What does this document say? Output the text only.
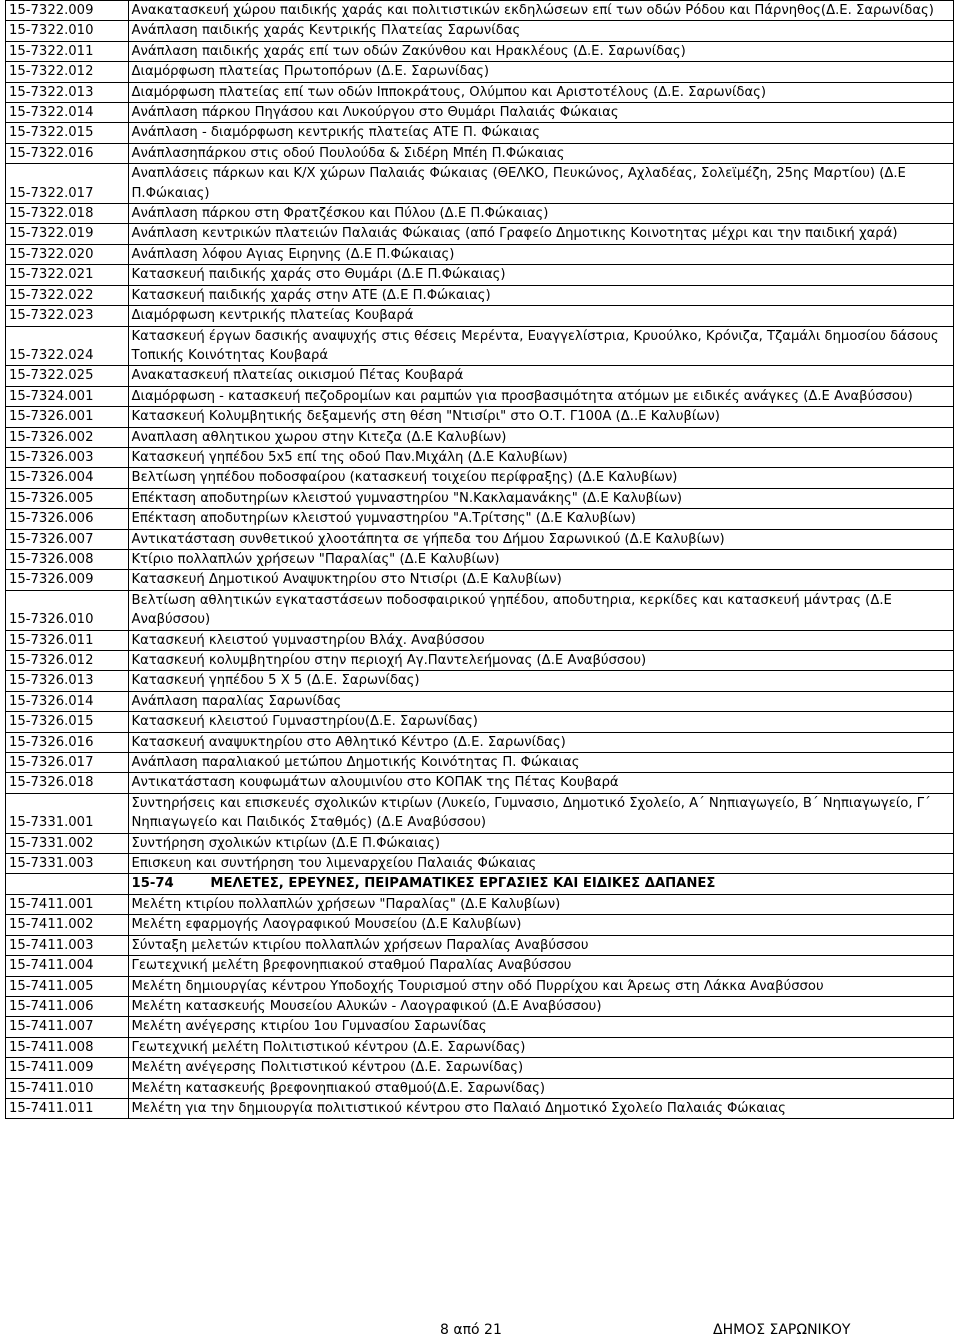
15-7322.009	Ανακατασκευή χώρου παιδικής χαράς και πολιτιστικών εκδηλώσεων επί των οδών Ρόδου και Πάρνηθος(Δ.Ε. Σαρωνίδας)
15-7322.010	Ανάπλαση παιδικής χαράς Κεντρικής Πλατείας Σαρωνίδας
15-7322.011	Ανάπλαση παιδικής χαράς επί των οδών Ζακύνθου και Ηρακλέους (Δ.Ε. Σαρωνίδας)
15-7322.012	Διαμόρφωση πλατείας Πρωτοπόρων (Δ.Ε. Σαρωνίδας)
15-7322.013	Διαμόρφωση πλατείας επί των οδών Ιπποκράτους, Ολύμπου και Αριστοτέλους (Δ.Ε. Σαρωνίδας)
15-7322.014	Ανάπλαση πάρκου Πηγάσου και Λυκούργου στο Θυμάρι Παλαιάς Φώκαιας
15-7322.015	Ανάπλαση - διαμόρφωση κεντρικής πλατείας ΑΤΕ Π. Φώκαιας
15-7322.016	Ανάπλασηπάρκου στις οδού Πουλούδα & Σιδέρη Μπέη Π.Φώκαιας
15-7322.017	Αναπλάσεις πάρκων και Κ/Χ χώρων Παλαιάς Φώκαιας (ΘΕΛΚΟ, Πευκώνος, Αχλαδέας, Σολεϊμέζη, 25ης Μαρτίου) (Δ.Ε Π.Φώκαιας)
15-7322.018	Ανάπλαση πάρκου στη Φρατζέσκου και Πύλου (Δ.Ε Π.Φώκαιας)
15-7322.019	Ανάπλαση κεντρικών πλατειών Παλαιάς Φώκαιας (από Γραφείο Δημοτικης Κοινοτητας μέχρι και την παιδική χαρά)
15-7322.020	Ανάπλαση λόφου Αγιας Ειρηνης (Δ.Ε Π.Φώκαιας)
15-7322.021	Κατασκευή παιδικής χαράς στο Θυμάρι (Δ.Ε Π.Φώκαιας)
15-7322.022	Κατασκευή παιδικής χαράς στην ΑΤΕ (Δ.Ε Π.Φώκαιας)
15-7322.023	Διαμόρφωση κεντρικής πλατείας Κουβαρά
15-7322.024	Κατασκευή έργων δασικής αναψυχής στις θέσεις Μερέντα, Ευαγγελίστρια, Κρυούλκο, Κρόνιζα, Τζαμάλι δημοσίου δάσους Τοπικής Κοινότητας Κουβαρά
15-7322.025	Ανακατασκευή πλατείας οικισμού Πέτας Κουβαρά
15-7324.001	Διαμόρφωση - κατασκευή πεζοδρομίων και ραμπών για προσβασιμότητα ατόμων με ειδικές ανάγκες (Δ.Ε Αναβύσσου)
15-7326.001	Κατασκευή Κολυμβητικής δεξαμενής στη θέση "Ντισίρι" στο Ο.Τ. Γ100Α (Δ..Ε Καλυβίων)
15-7326.002	Αναπλαση αθλητικου χωρου στην Κιτεζα (Δ.Ε Καλυβίων)
15-7326.003	Κατασκευή γηπέδου 5x5 επί της οδού Παν.Μιχάλη (Δ.Ε Καλυβίων)
15-7326.004	Βελτίωση γηπέδου ποδοσφαίρου (κατασκευή τοιχείου περίφραξης) (Δ.Ε Καλυβίων)
15-7326.005	Επέκταση αποδυτηρίων κλειστού γυμναστηρίου "Ν.Κακλαμανάκης" (Δ.Ε Καλυβίων)
15-7326.006	Επέκταση αποδυτηρίων κλειστού γυμναστηρίου "Α.Τρίτσης" (Δ.Ε Καλυβίων)
15-7326.007	Αντικατάσταση συνθετικού χλοοτάπητα σε γήπεδα του Δήμου Σαρωνικού (Δ.Ε Καλυβίων)
15-7326.008	Κτίριο πολλαπλών χρήσεων "Παραλίας" (Δ.Ε Καλυβίων)
15-7326.009	Κατασκευή Δημοτικού Αναψυκτηρίου στο Ντισίρι (Δ.Ε Καλυβίων)
15-7326.010	Βελτίωση αθλητικών εγκαταστάσεων ποδοσφαιρικού γηπέδου, αποδυτηρια, κερκίδες και κατασκευή μάντρας (Δ.Ε Αναβύσσου)
15-7326.011	Κατασκευή κλειστού γυμναστηρίου Βλάχ. Αναβύσσου
15-7326.012	Κατασκευή κολυμβητηρίου στην περιοχή Αγ.Παντελεήμονας (Δ.Ε Αναβύσσου)
15-7326.013	Κατασκευή γηπέδου 5 Χ 5 (Δ.Ε. Σαρωνίδας)
15-7326.014	Ανάπλαση παραλίας Σαρωνίδας
15-7326.015	Κατασκευή κλειστού Γυμναστηρίου(Δ.Ε. Σαρωνίδας)
15-7326.016	Κατασκευή αναψυκτηρίου στο Αθλητικό Κέντρο (Δ.Ε. Σαρωνίδας)
15-7326.017	Ανάπλαση παραλιακού μετώπου Δημοτικής Κοινότητας Π. Φώκαιας
15-7326.018	Αντικατάσταση κουφωμάτων αλουμινίου στο ΚΟΠΑΚ της Πέτας Κουβαρά
15-7331.001	Συντηρήσεις και επισκευές σχολικών κτιρίων (Λυκείο, Γυμνασιο, Δημοτικό Σχολείο, Α΄ Νηπιαγωγείο, Β΄ Νηπιαγωγείο, Γ΄ Νηπιαγωγείο και Παιδικός Σταθμός) (Δ.Ε Αναβύσσου)
15-7331.002	Συντήρηση σχολικών κτιρίων (Δ.Ε Π.Φώκαιας)
15-7331.003	Επισκευη και συντήρηση του λιμεναρχείου Παλαιάς Φώκαιας
	15-74        ΜΕΛΕΤΕΣ, ΕΡΕΥΝΕΣ, ΠΕΙΡΑΜΑΤΙΚΕΣ ΕΡΓΑΣΙΕΣ ΚΑΙ ΕΙΔΙΚΕΣ ΔΑΠΑΝΕΣ
15-7411.001	Μελέτη κτιρίου πολλαπλών χρήσεων "Παραλίας" (Δ.Ε Καλυβίων)
15-7411.002	Μελέτη εφαρμογής Λαογραφικού Μουσείου (Δ.Ε Καλυβίων)
15-7411.003	Σύνταξη μελετών κτιρίου πολλαπλών χρήσεων Παραλίας Αναβύσσου
15-7411.004	Γεωτεχνική μελέτη βρεφονηπιακού σταθμού Παραλίας Αναβύσσου
15-7411.005	Μελέτη δημιουργίας κέντρου Υποδοχής Τουρισμού στην οδό Πυρρίχου και Άρεως στη Λάκκα Αναβύσσου
15-7411.006	Μελέτη κατασκευής Μουσείου Αλυκών - Λαογραφικού (Δ.Ε Αναβύσσου)
15-7411.007	Μελέτη ανέγερσης κτιρίου 1ου Γυμνασίου Σαρωνίδας
15-7411.008	Γεωτεχνική μελέτη Πολιτιστικού κέντρου (Δ.Ε. Σαρωνίδας)
15-7411.009	Μελέτη ανέγερσης Πολιτιστικού κέντρου (Δ.Ε. Σαρωνίδας)
15-7411.010	Μελέτη κατασκευής βρεφονηπιακού σταθμού(Δ.Ε. Σαρωνίδας)
15-7411.011	Μελέτη για την δημιουργία πολιτιστικού κέντρου στο Παλαιό Δημοτικό Σχολείο Παλαιάς Φώκαιας
8 από 21	ΔΗΜΟΣ ΣΑΡΩΝΙΚΟΥ
